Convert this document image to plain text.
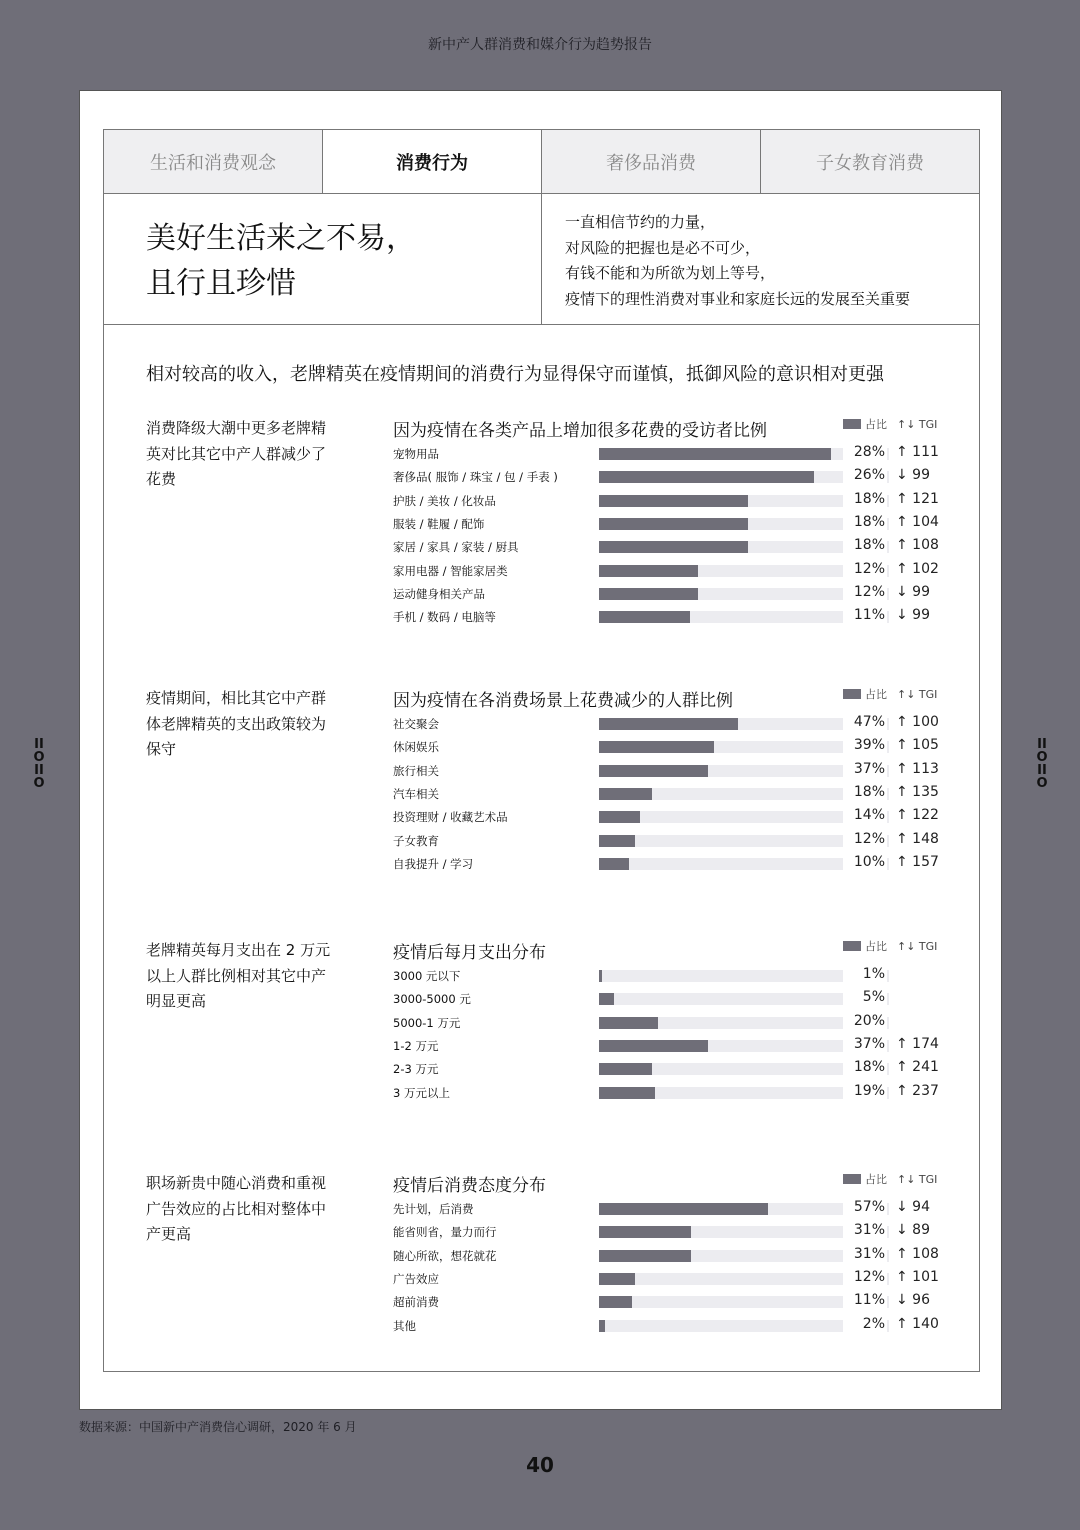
新中产人群消费和媒介行为趋势报告
II
O
II
O
II
O
II
O
生活和消费观念	消费行为	奢侈品消费	子女教育消费
美好生活来之不易，
且行且珍惜
一直相信节约的力量，
对风险的把握也是必不可少，
有钱不能和为所欲为划上等号，
疫情下的理性消费对事业和家庭长远的发展至关重要
相对较高的收入，老牌精英在疫情期间的消费行为显得保守而谨慎，抵御风险的意识相对更强
消费降级大潮中更多老牌精英对比其它中产人群减少了花费
因为疫情在各类产品上增加很多花费的受访者比例	占比 ↑↓ TGI
宠物用品	28% ↑ 111
奢侈品( 服饰 / 珠宝 / 包 / 手表 )	26% ↓ 99
护肤 / 美妆 / 化妆品	18% ↑ 121
服装 / 鞋履 / 配饰	18% ↑ 104
家居 / 家具 / 家装 / 厨具	18% ↑ 108
家用电器 / 智能家居类	12% ↑ 102
运动健身相关产品	12% ↓ 99
手机 / 数码 / 电脑等	11% ↓ 99
疫情期间，相比其它中产群体老牌精英的支出政策较为保守
因为疫情在各消费场景上花费减少的人群比例	占比 ↑↓ TGI
社交聚会	47% ↑ 100
休闲娱乐	39% ↑ 105
旅行相关	37% ↑ 113
汽车相关	18% ↑ 135
投资理财 / 收藏艺术品	14% ↑ 122
子女教育	12% ↑ 148
自我提升 / 学习	10% ↑ 157
老牌精英每月支出在 2 万元以上人群比例相对其它中产明显更高
疫情后每月支出分布	占比 ↑↓ TGI
3000 元以下	1%
3000-5000 元	5%
5000-1 万元	20%
1-2 万元	37% ↑ 174
2-3 万元	18% ↑ 241
3 万元以上	19% ↑ 237
职场新贵中随心消费和重视广告效应的占比相对整体中产更高
疫情后消费态度分布	占比 ↑↓ TGI
先计划，后消费	57% ↓ 94
能省则省，量力而行	31% ↓ 89
随心所欲，想花就花	31% ↑ 108
广告效应	12% ↑ 101
超前消费	11% ↓ 96
其他	2% ↑ 140
数据来源：中国新中产消费信心调研，2020 年 6 月
40
